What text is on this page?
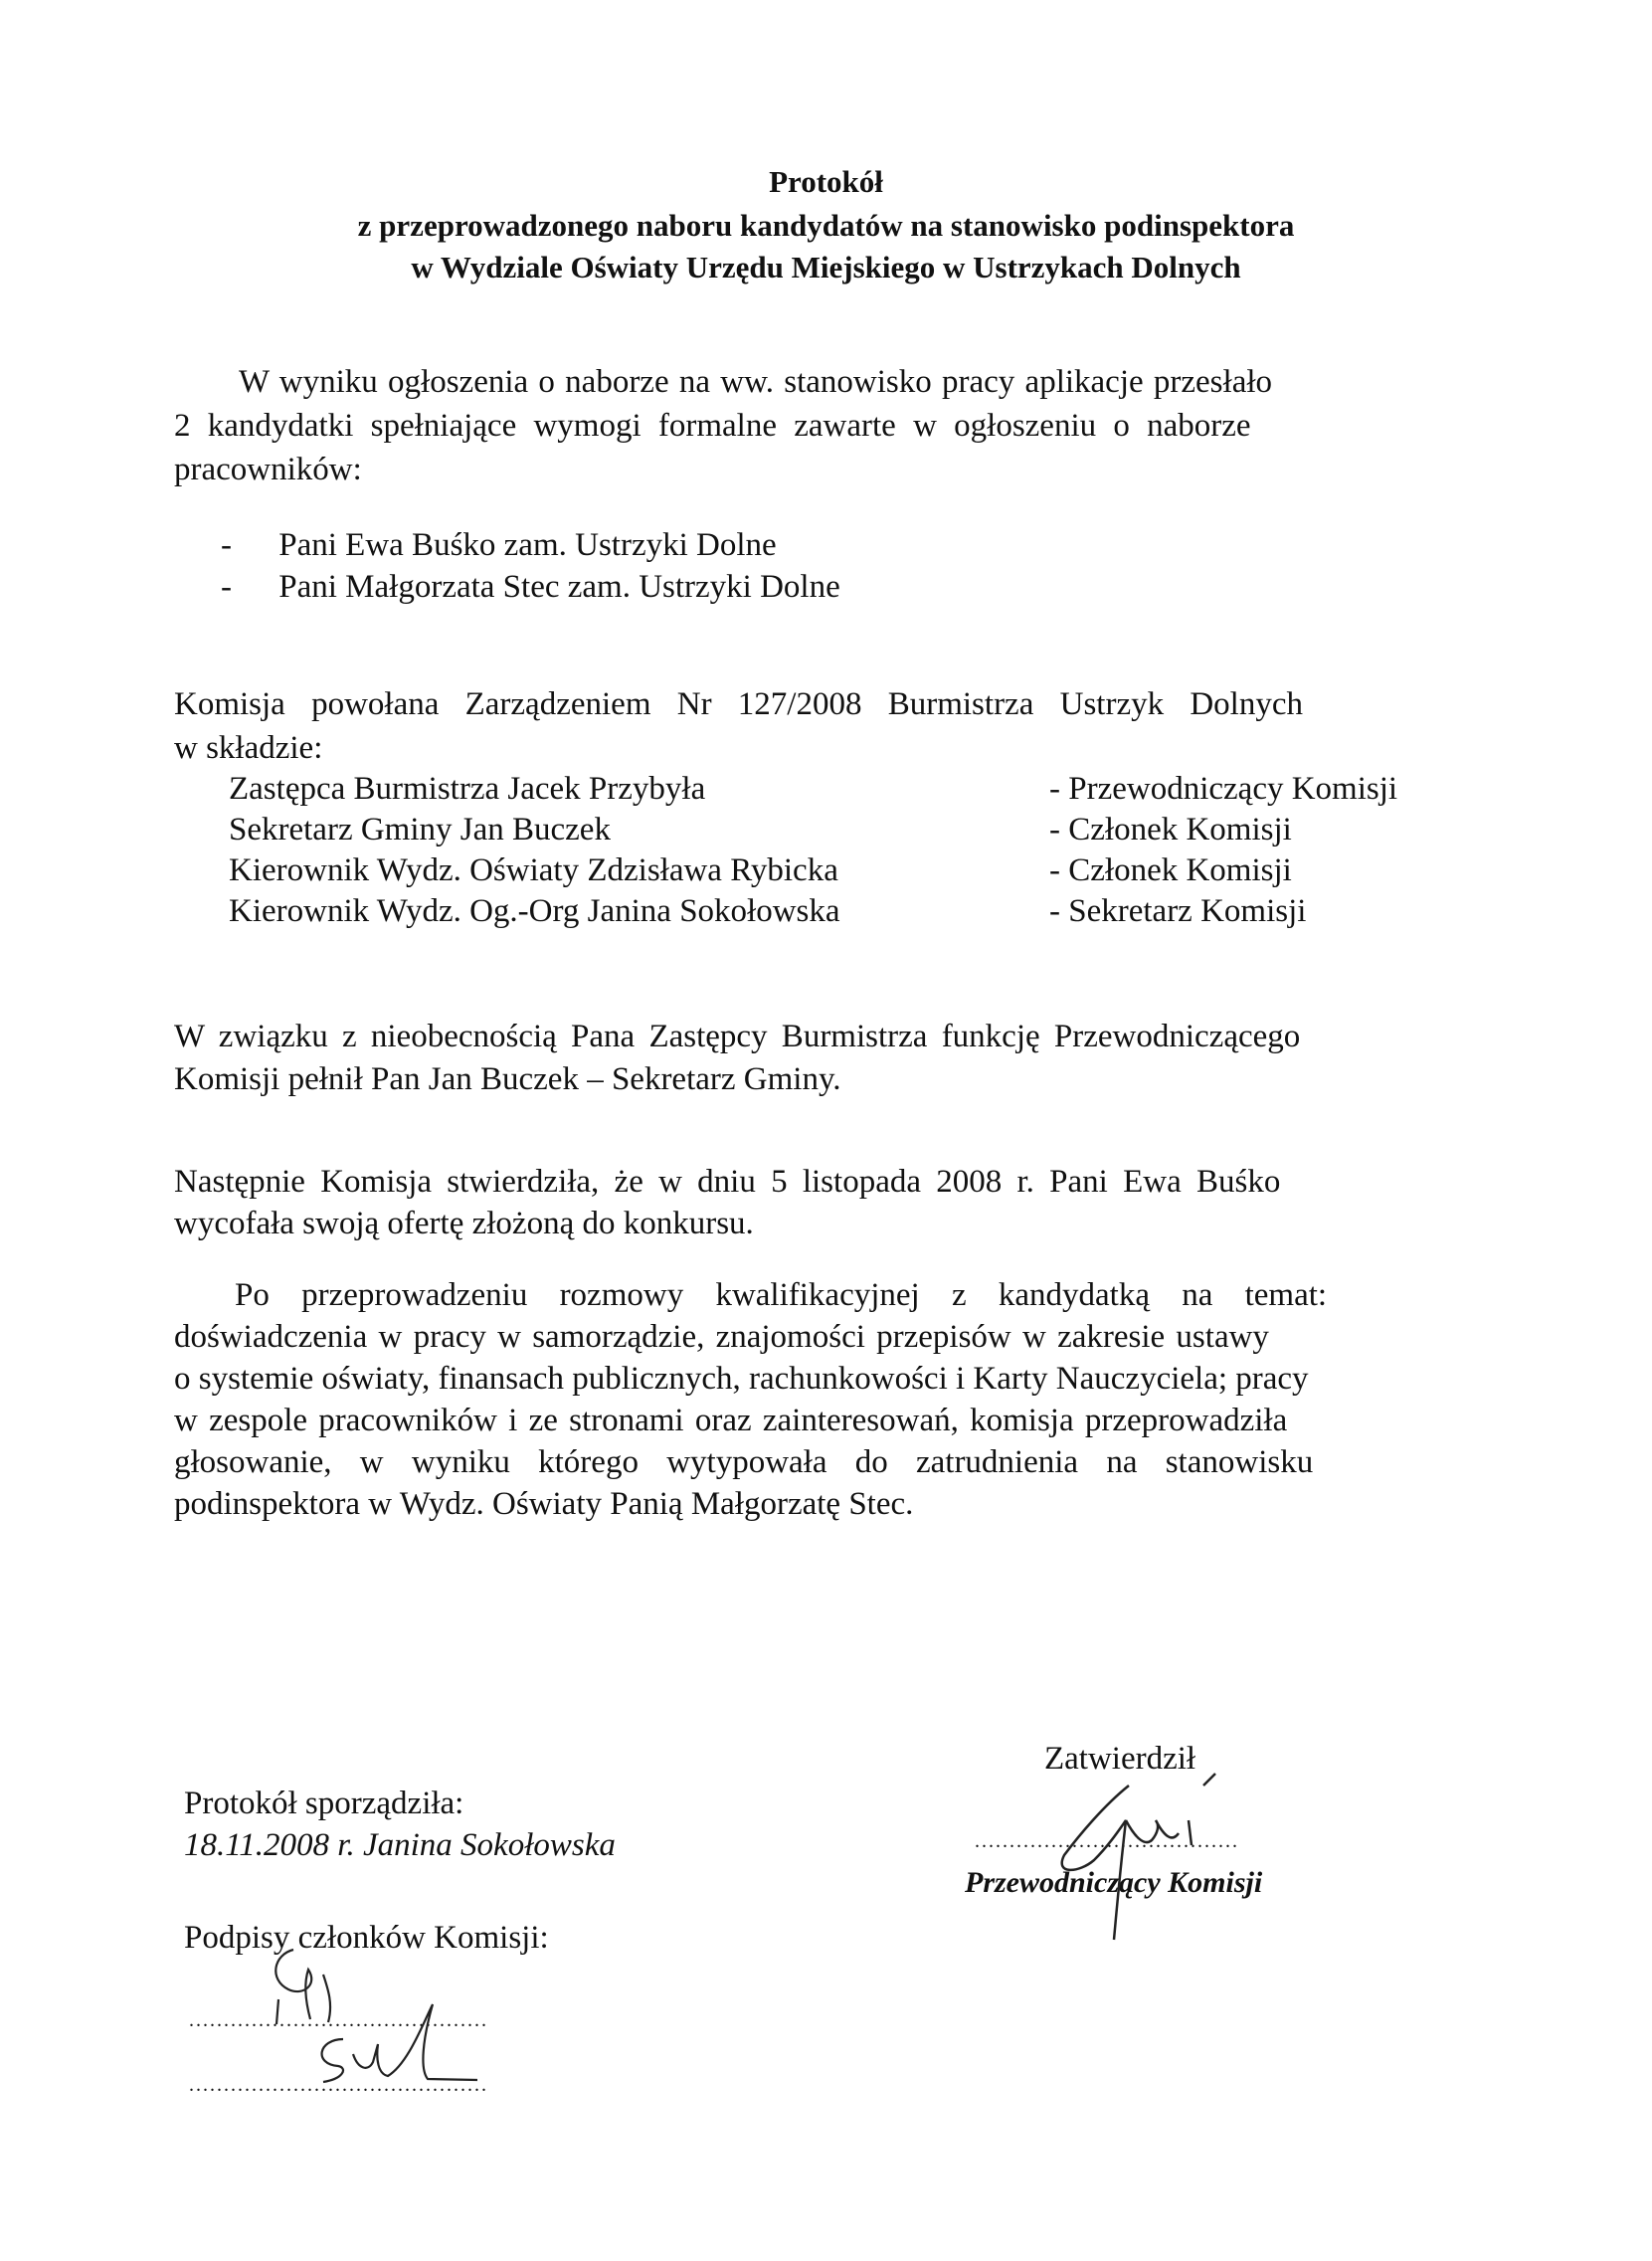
Protokół
z przeprowadzonego naboru kandydatów na stanowisko podinspektora
w Wydziale Oświaty Urzędu Miejskiego w Ustrzykach Dolnych
W wyniku ogłoszenia o naborze na ww. stanowisko pracy aplikacje przesłało
2 kandydatki spełniające wymogi formalne zawarte w ogłoszeniu o naborze
pracowników:
- Pani Ewa Buśko zam. Ustrzyki Dolne
- Pani Małgorzata Stec zam. Ustrzyki Dolne
Komisja powołana Zarządzeniem Nr 127/2008 Burmistrza Ustrzyk Dolnych
w składzie:
Zastępca Burmistrza Jacek Przybyła	- Przewodniczący Komisji
Sekretarz Gminy Jan Buczek	- Członek Komisji
Kierownik Wydz. Oświaty Zdzisława Rybicka	- Członek Komisji
Kierownik Wydz. Og.-Org Janina Sokołowska	- Sekretarz Komisji
W związku z nieobecnością Pana Zastępcy Burmistrza funkcję Przewodniczącego
Komisji pełnił Pan Jan Buczek – Sekretarz Gminy.
Następnie Komisja stwierdziła, że w dniu 5 listopada 2008 r. Pani Ewa Buśko
wycofała swoją ofertę złożoną do konkursu.
Po przeprowadzeniu rozmowy kwalifikacyjnej z kandydatką na temat:
doświadczenia w pracy w samorządzie, znajomości przepisów w zakresie ustawy
o systemie oświaty, finansach publicznych, rachunkowości i Karty Nauczyciela; pracy
w zespole pracowników i ze stronami oraz zainteresowań, komisja przeprowadziła
głosowanie, w wyniku którego wytypowała do zatrudnienia na stanowisku
podinspektora w Wydz. Oświaty Panią Małgorzatę Stec.
Zatwierdził
......................................
Przewodniczący Komisji
Protokół sporządziła:
18.11.2008 r. Janina Sokołowska
Podpisy członków Komisji:
...........................................
...........................................
